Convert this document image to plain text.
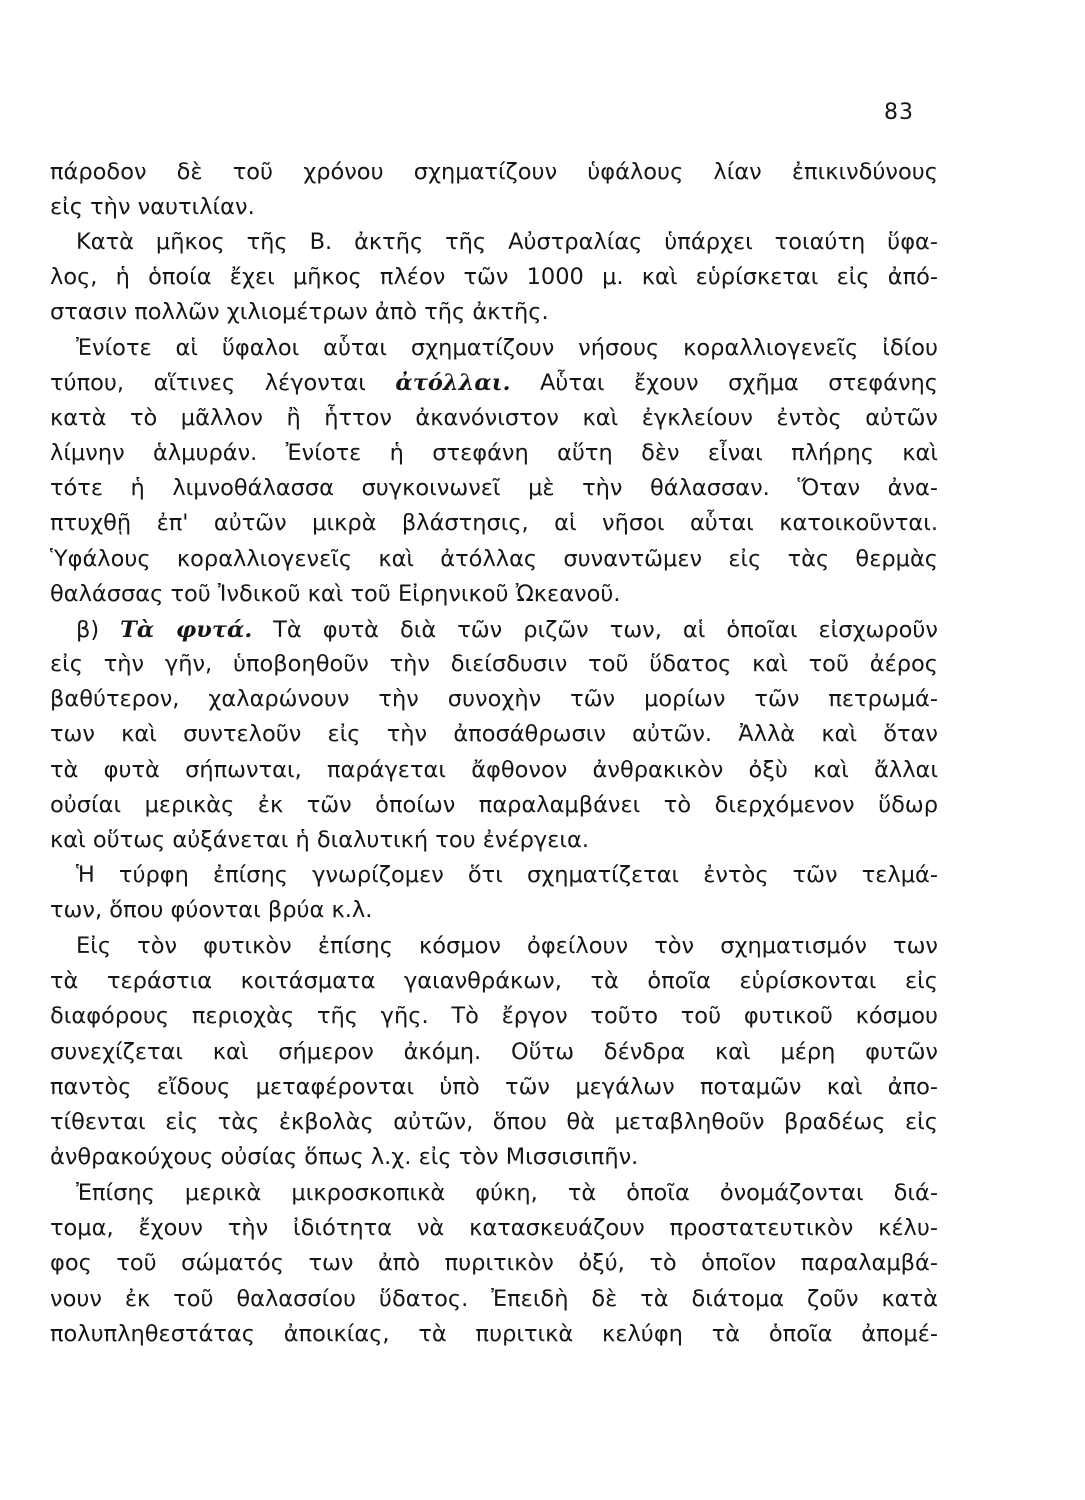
83
πάροδον δὲ τοῦ χρόνου σχηματίζουν ὑφάλους λίαν ἐπικινδύνους
εἰς τὴν ναυτιλίαν.
Κατὰ μῆκος τῆς Β. ἀκτῆς τῆς Αὐστραλίας ὑπάρχει τοιαύτη ὕφα-
λος, ἡ ὁποία ἔχει μῆκος πλέον τῶν 1000 μ. καὶ εὑρίσκεται εἰς ἀπό-
στασιν πολλῶν χιλιομέτρων ἀπὸ τῆς ἀκτῆς.
Ἐνίοτε αἱ ὕφαλοι αὗται σχηματίζουν νήσους κοραλλιογενεῖς ἰδίου
τύπου, αἵτινες λέγονται ἀτόλλαι. Αὗται ἔχουν σχῆμα στεφάνης
κατὰ τὸ μᾶλλον ἢ ἧττον ἀκανόνιστον καὶ ἐγκλείουν ἐντὸς αὐτῶν
λίμνην ἁλμυράν. Ἐνίοτε ἡ στεφάνη αὕτη δὲν εἶναι πλήρης καὶ
τότε ἡ λιμνοθάλασσα συγκοινωνεῖ μὲ τὴν θάλασσαν. Ὅταν ἀνα-
πτυχθῇ ἐπ' αὐτῶν μικρὰ βλάστησις, αἱ νῆσοι αὗται κατοικοῦνται.
Ὑφάλους κοραλλιογενεῖς καὶ ἀτόλλας συναντῶμεν εἰς τὰς θερμὰς
θαλάσσας τοῦ Ἰνδικοῦ καὶ τοῦ Εἰρηνικοῦ Ὠκεανοῦ.
β) Τὰ φυτά. Τὰ φυτὰ διὰ τῶν ριζῶν των, αἱ ὁποῖαι εἰσχωροῦν
εἰς τὴν γῆν, ὑποβοηθοῦν τὴν διείσδυσιν τοῦ ὕδατος καὶ τοῦ ἀέρος
βαθύτερον, χαλαρώνουν τὴν συνοχὴν τῶν μορίων τῶν πετρωμά-
των καὶ συντελοῦν εἰς τὴν ἀποσάθρωσιν αὐτῶν. Ἀλλὰ καὶ ὅταν
τὰ φυτὰ σήπωνται, παράγεται ἄφθονον ἀνθρακικὸν ὀξὺ καὶ ἄλλαι
οὐσίαι μερικὰς ἐκ τῶν ὁποίων παραλαμβάνει τὸ διερχόμενον ὕδωρ
καὶ οὕτως αὐξάνεται ἡ διαλυτική του ἐνέργεια.
Ἡ τύρφη ἐπίσης γνωρίζομεν ὅτι σχηματίζεται ἐντὸς τῶν τελμά-
των, ὅπου φύονται βρύα κ.λ.
Εἰς τὸν φυτικὸν ἐπίσης κόσμον ὀφείλουν τὸν σχηματισμόν των
τὰ τεράστια κοιτάσματα γαιανθράκων, τὰ ὁποῖα εὑρίσκονται εἰς
διαφόρους περιοχὰς τῆς γῆς. Τὸ ἔργον τοῦτο τοῦ φυτικοῦ κόσμου
συνεχίζεται καὶ σήμερον ἀκόμη. Οὕτω δένδρα καὶ μέρη φυτῶν
παντὸς εἴδους μεταφέρονται ὑπὸ τῶν μεγάλων ποταμῶν καὶ ἀπο-
τίθενται εἰς τὰς ἐκβολὰς αὐτῶν, ὅπου θὰ μεταβληθοῦν βραδέως εἰς
ἀνθρακούχους οὐσίας ὅπως λ.χ. εἰς τὸν Μισσισιπῆν.
Ἐπίσης μερικὰ μικροσκοπικὰ φύκη, τὰ ὁποῖα ὀνομάζονται διά-
τομα, ἔχουν τὴν ἰδιότητα νὰ κατασκευάζουν προστατευτικὸν κέλυ-
φος τοῦ σώματός των ἀπὸ πυριτικὸν ὀξύ, τὸ ὁποῖον παραλαμβά-
νουν ἐκ τοῦ θαλασσίου ὕδατος. Ἐπειδὴ δὲ τὰ διάτομα ζοῦν κατὰ
πολυπληθεστάτας ἀποικίας, τὰ πυριτικὰ κελύφη τὰ ὁποῖα ἀπομέ-
